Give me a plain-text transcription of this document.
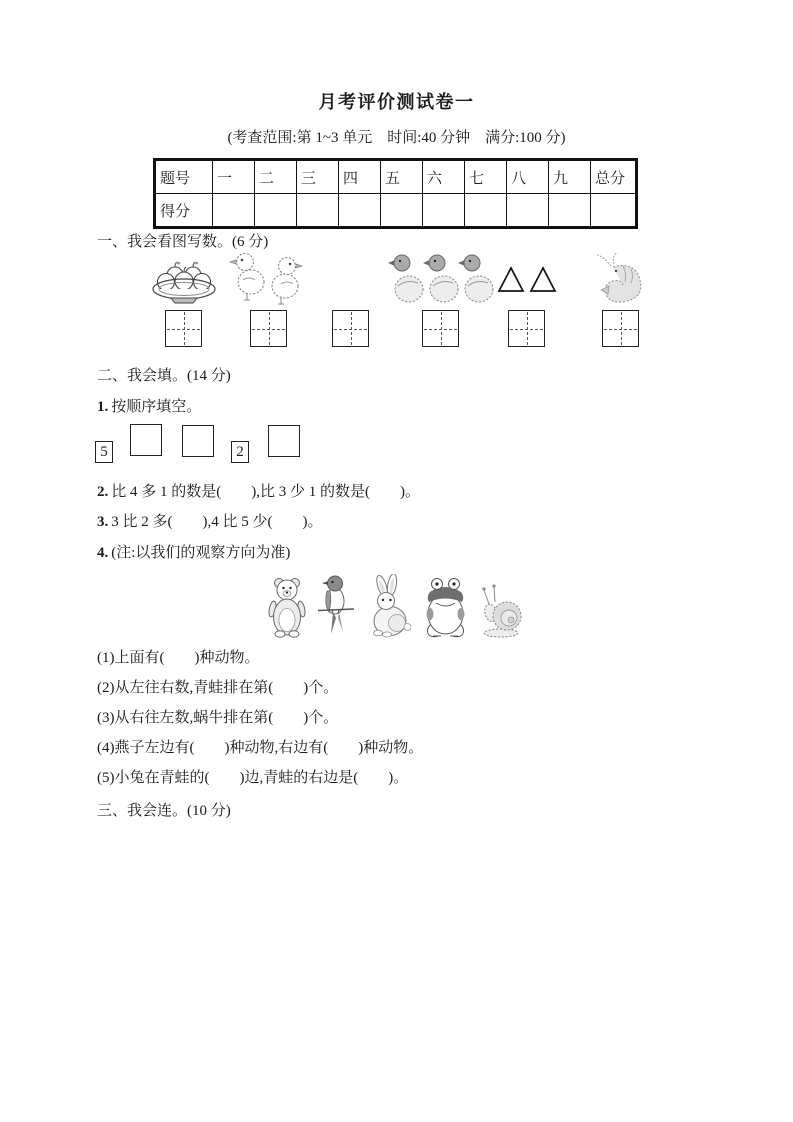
月考评价测试卷一
(考查范围:第 1~3 单元　时间:40 分钟　满分:100 分)
题号	一	二	三	四	五	六	七	八	九	总分
得分										
一、我会看图写数。(6 分)
二、我会填。(14 分)
1. 按顺序填空。
5	2
2. 比 4 多 1 的数是(　　),比 3 少 1 的数是(　　)。
3. 3 比 2 多(　　),4 比 5 少(　　)。
4. (注:以我们的观察方向为准)
(1)上面有(　　)种动物。
(2)从左往右数,青蛙排在第(　　)个。
(3)从右往左数,蜗牛排在第(　　)个。
(4)燕子左边有(　　)种动物,右边有(　　)种动物。
(5)小兔在青蛙的(　　)边,青蛙的右边是(　　)。
三、我会连。(10 分)
